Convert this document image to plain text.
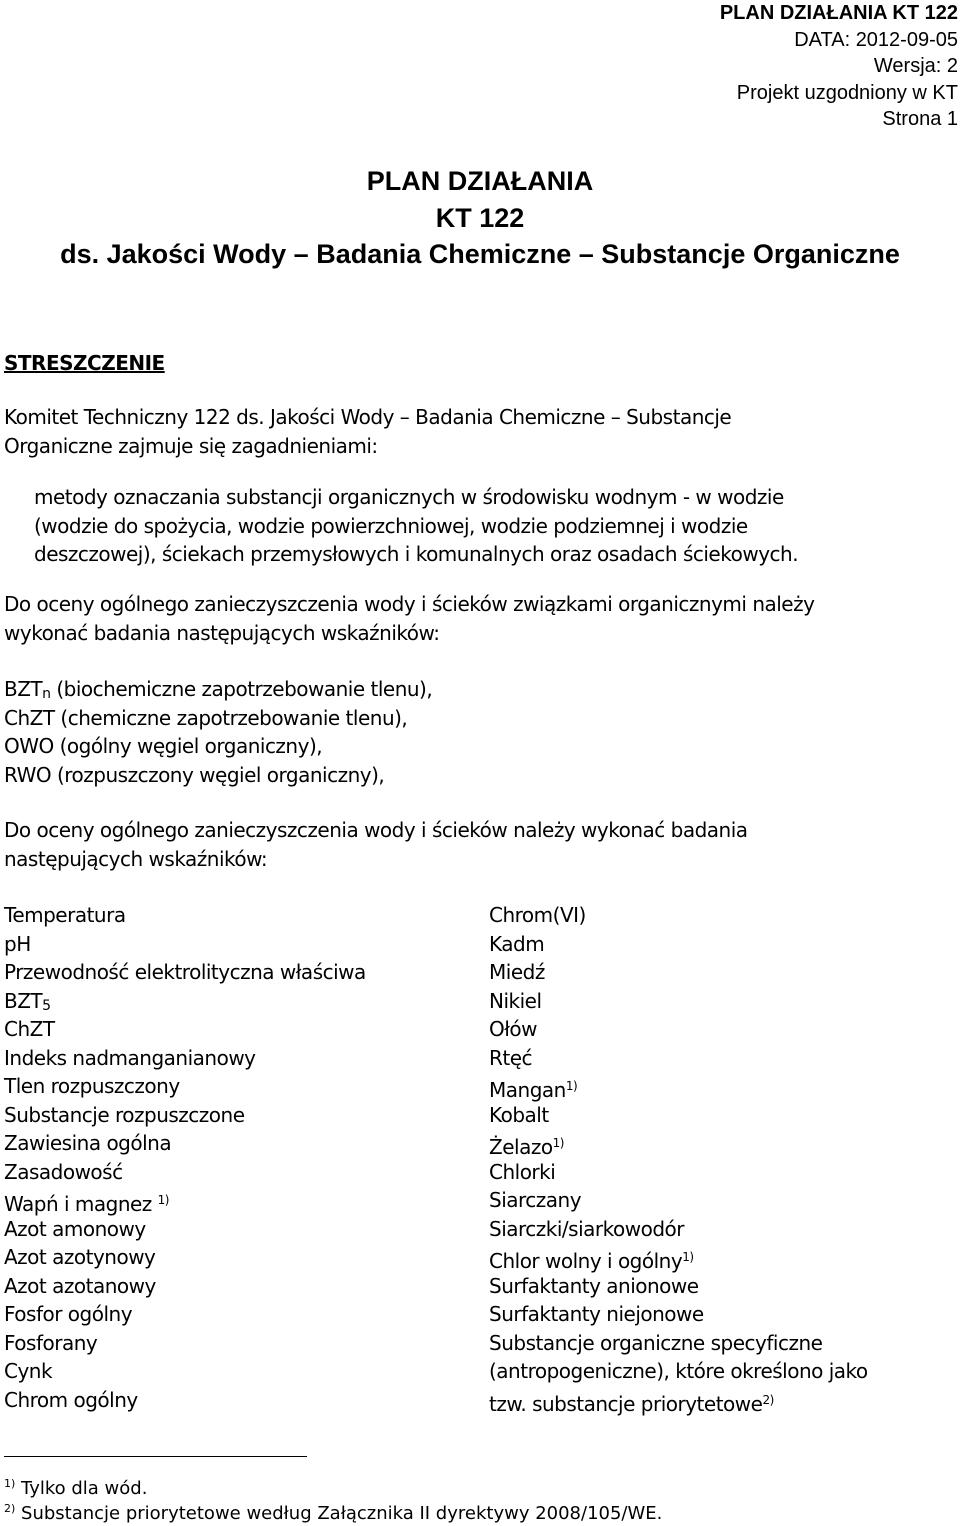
PLAN DZIAŁANIA KT 122
DATA: 2012-09-05
Wersja: 2
Projekt uzgodniony w KT
Strona 1
PLAN DZIAŁANIA
KT 122
ds. Jakości Wody – Badania Chemiczne – Substancje Organiczne
STRESZCZENIE
Komitet Techniczny 122 ds. Jakości Wody – Badania Chemiczne – Substancje
Organiczne zajmuje się zagadnieniami:
metody oznaczania substancji organicznych w środowisku wodnym - w wodzie
(wodzie do spożycia, wodzie powierzchniowej, wodzie podziemnej i wodzie
deszczowej), ściekach przemysłowych i komunalnych oraz osadach ściekowych.
Do oceny ogólnego zanieczyszczenia wody i ścieków związkami organicznymi należy
wykonać badania następujących wskaźników:
BZTn (biochemiczne zapotrzebowanie tlenu),
ChZT (chemiczne zapotrzebowanie tlenu),
OWO (ogólny węgiel organiczny),
RWO (rozpuszczony węgiel organiczny),
Do oceny ogólnego zanieczyszczenia wody i ścieków należy wykonać badania
następujących wskaźników:
Temperatura
pH
Przewodność elektrolityczna właściwa
BZT5
ChZT
Indeks nadmanganianowy
Tlen rozpuszczony
Substancje rozpuszczone
Zawiesina ogólna
Zasadowość
Wapń i magnez $^{1)}$
Azot amonowy
Azot azotynowy
Azot azotanowy
Fosfor ogólny
Fosforany
Cynk
Chrom ogólny
Chrom(VI)
Kadm
Miedź
Nikiel
Ołów
Rtęć
Mangan$^{1)}$
Kobalt
Żelazo$^{1)}$
Chlorki
Siarczany
Siarczki/siarkowodór
Chlor wolny i ogólny$^{1)}$
Surfaktanty anionowe
Surfaktanty niejonowe
Substancje organiczne specyficzne
(antropogeniczne), które określono jako
tzw. substancje priorytetowe$^{2)}$
$^{1)}$ Tylko dla wód.
$^{2)}$ Substancje priorytetowe według Załącznika II dyrektywy 2008/105/WE.
